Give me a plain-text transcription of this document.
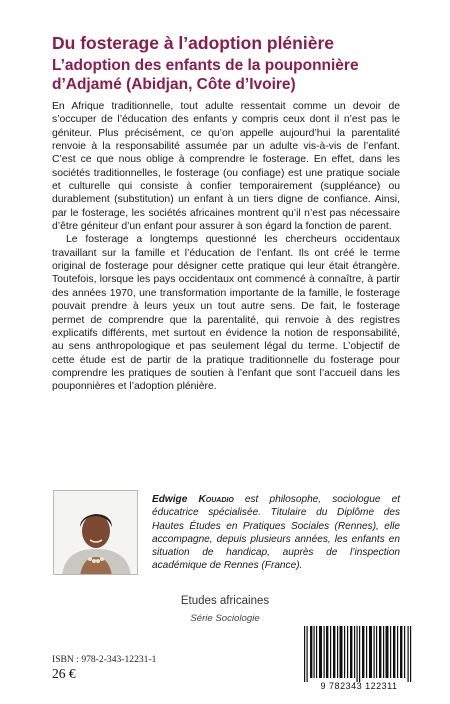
Du fosterage à l’adoption plénière
L’adoption des enfants de la pouponnière
d’Adjamé (Abidjan, Côte d’Ivoire)

En Afrique traditionnelle, tout adulte ressentait comme un devoir de s’occuper de l’éducation des enfants y compris ceux dont il n’est pas le géniteur. Plus précisément, ce qu’on appelle aujourd’hui la parentalité renvoie à la responsabilité assumée par un adulte vis-à-vis de l’enfant. C’est ce que nous oblige à comprendre le fosterage. En effet, dans les sociétés traditionnelles, le fosterage (ou confiage) est une pratique sociale et culturelle qui consiste à confier temporairement (suppléance) ou durablement (substitution) un enfant à un tiers digne de confiance. Ainsi, par le fosterage, les sociétés africaines montrent qu’il n’est pas nécessaire d’être géniteur d’un enfant pour assurer à son égard la fonction de parent.

Le fosterage a longtemps questionné les chercheurs occidentaux travaillant sur la famille et l’éducation de l’enfant. Ils ont créé le terme original de fosterage pour désigner cette pratique qui leur était étrangère. Toutefois, lorsque les pays occidentaux ont commencé à connaître, à partir des années 1970, une transformation importante de la famille, le fosterage pouvait prendre à leurs yeux un tout autre sens. De fait, le fosterage permet de comprendre que la parentalité, qui renvoie à des registres explicatifs différents, met surtout en évidence la notion de responsabilité, au sens anthropologique et pas seulement légal du terme. L’objectif de cette étude est de partir de la pratique traditionnelle du fosterage pour comprendre les pratiques de soutien à l’enfant que sont l’accueil dans les pouponnières et l’adoption plénière.

Edwige Kouadio est philosophe, sociologue et éducatrice spécialisée. Titulaire du Diplôme des Hautes Études en Pratiques Sociales (Rennes), elle accompagne, depuis plusieurs années, les enfants en situation de handicap, auprès de l’inspection académique de Rennes (France).

Etudes africaines
Série Sociologie
ISBN : 978-2-343-12231-1
26 €
9 782343 122311
